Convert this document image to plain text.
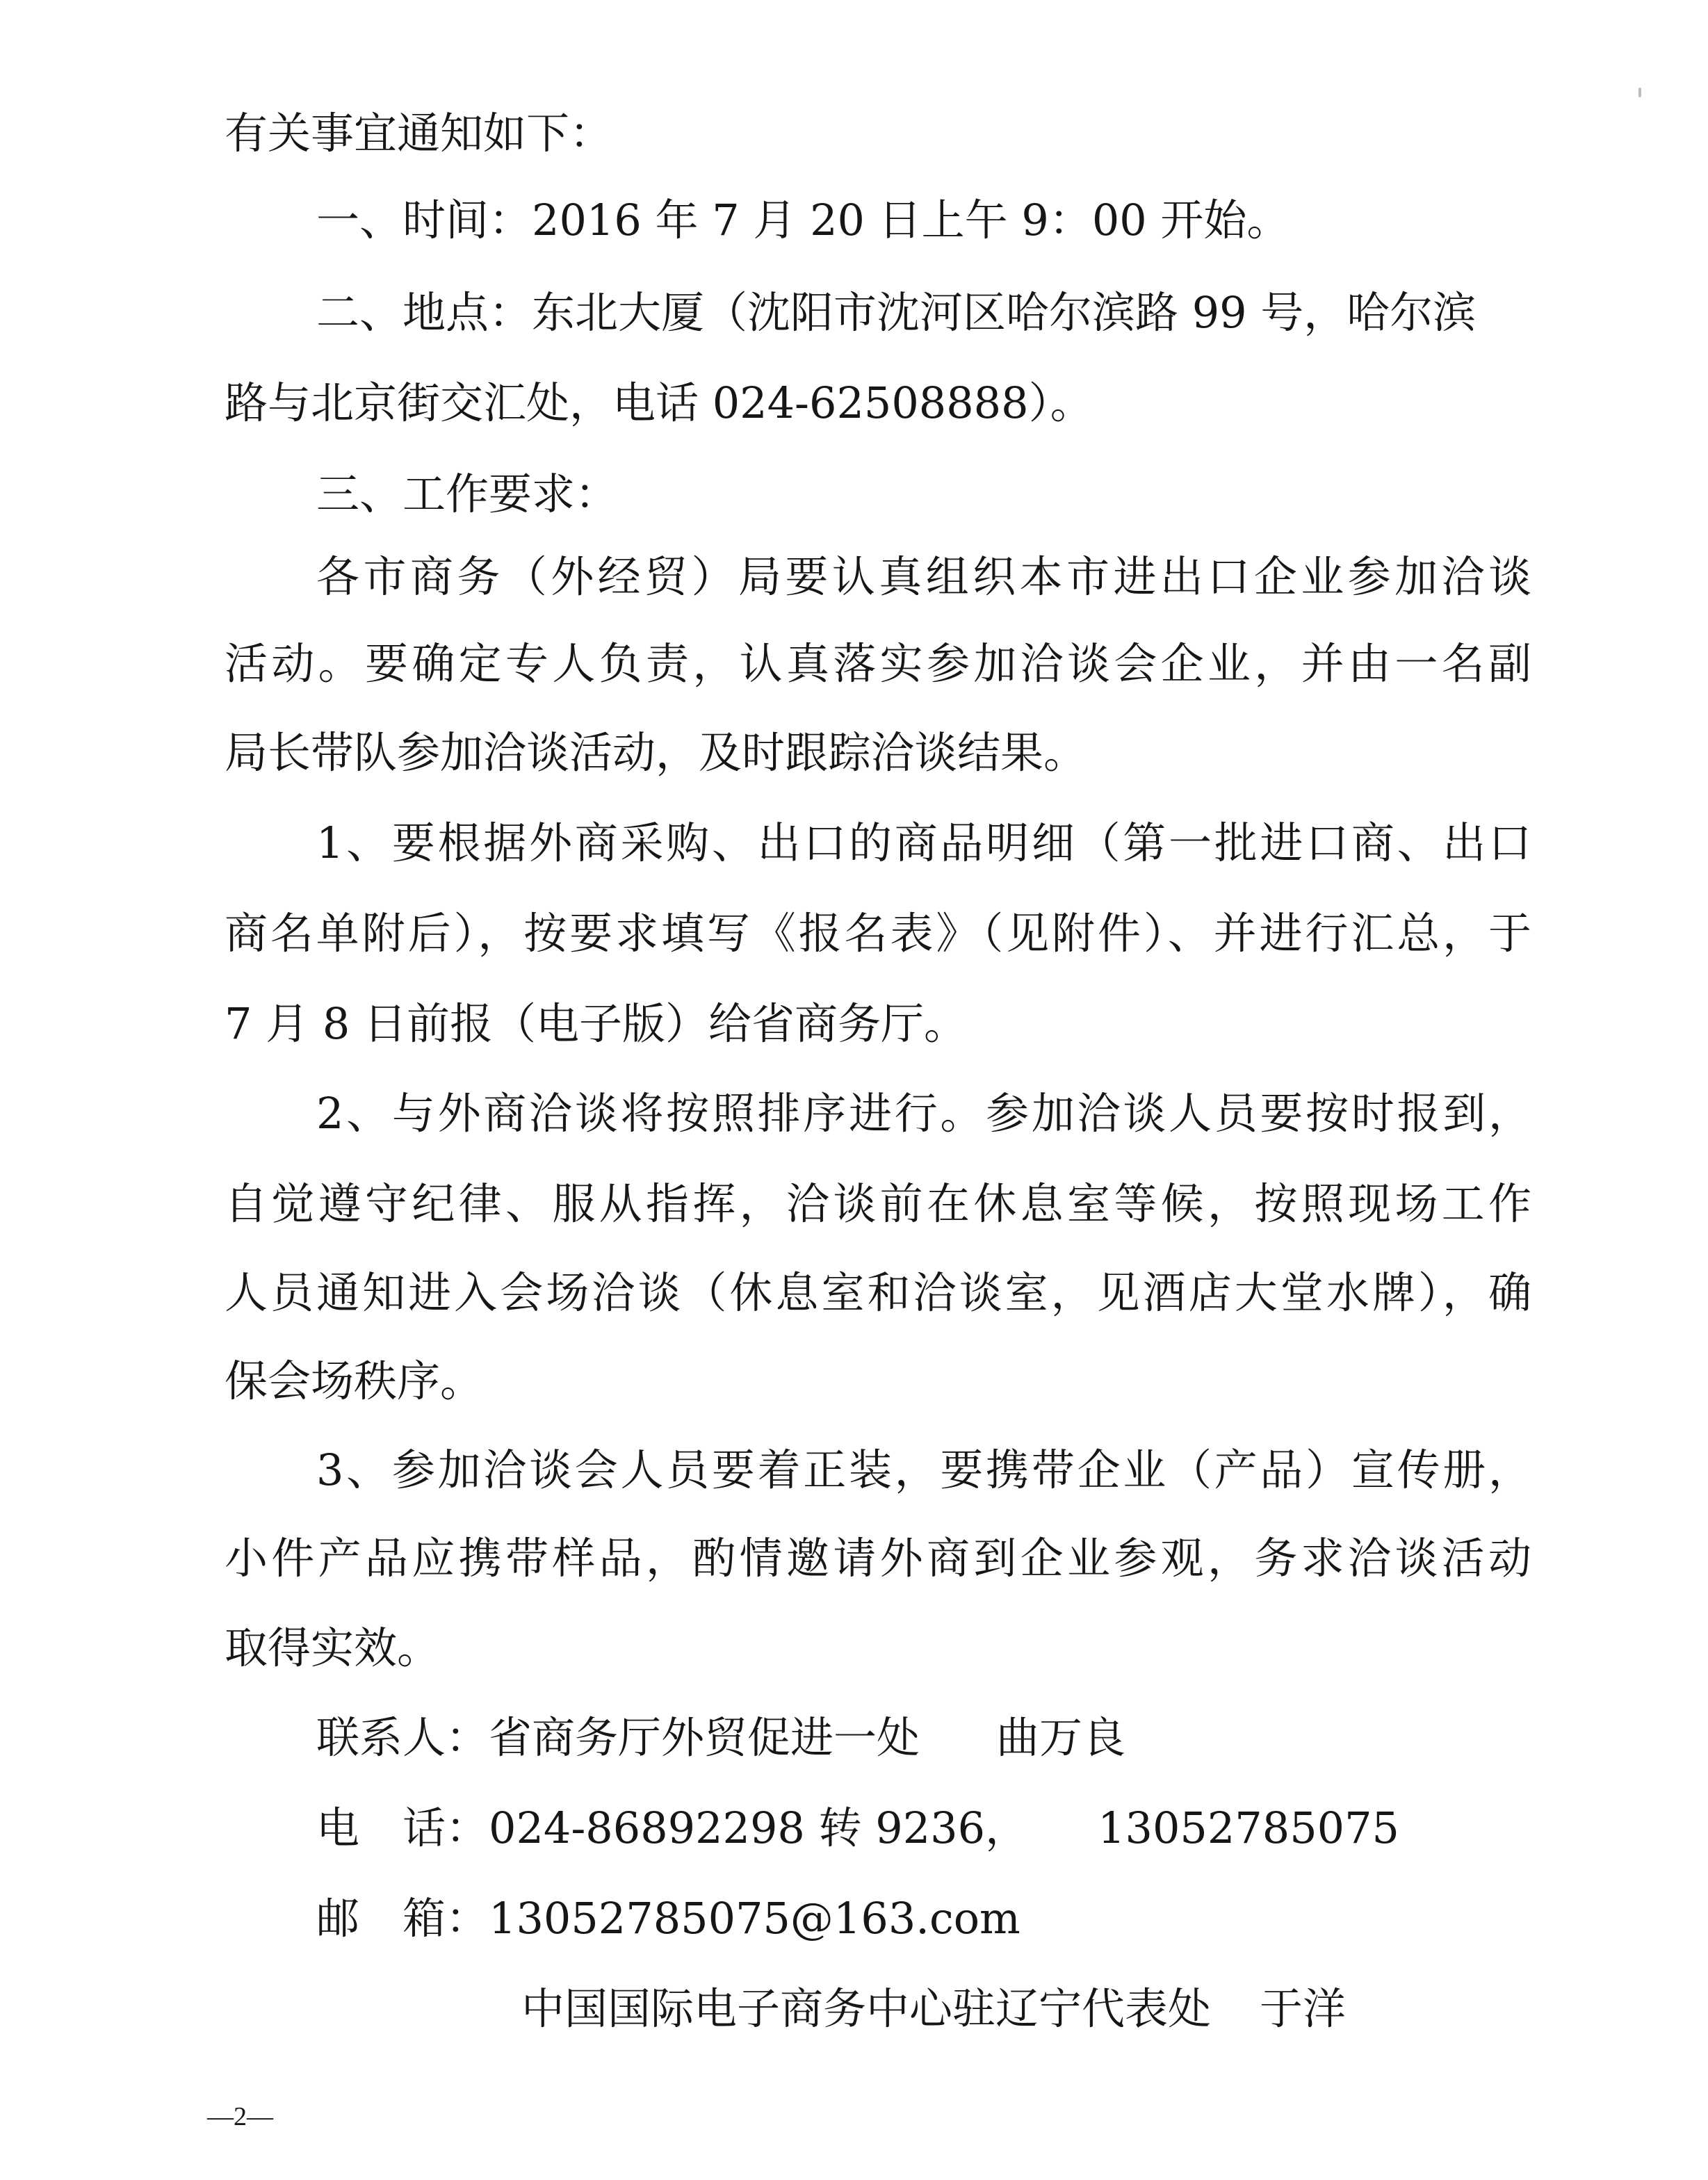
有关事宜通知如下：
一、时间：2016 年 7 月 20 日上午 9：00 开始。
二、地点：东北大厦（沈阳市沈河区哈尔滨路 99 号，哈尔滨
路与北京街交汇处，电话 024-62508888）。
三、工作要求：
各市商务（外经贸）局要认真组织本市进出口企业参加洽谈
活动。要确定专人负责，认真落实参加洽谈会企业，并由一名副
局长带队参加洽谈活动，及时跟踪洽谈结果。
1、要根据外商采购、出口的商品明细（第一批进口商、出口
商名单附后），按要求填写《报名表》（见附件）、并进行汇总，于
7 月 8 日前报（电子版）给省商务厅。
2、与外商洽谈将按照排序进行。参加洽谈人员要按时报到，
自觉遵守纪律、服从指挥，洽谈前在休息室等候，按照现场工作
人员通知进入会场洽谈（休息室和洽谈室，见酒店大堂水牌），确
保会场秩序。
3、参加洽谈会人员要着正装，要携带企业（产品）宣传册，
小件产品应携带样品，酌情邀请外商到企业参观，务求洽谈活动
取得实效。
联系人：省商务厅外贸促进一处 曲万良
电　话：024-86892298 转 9236， 13052785075
邮　箱：13052785075@163.com
中国国际电子商务中心驻辽宁代表处 于洋
—2—
